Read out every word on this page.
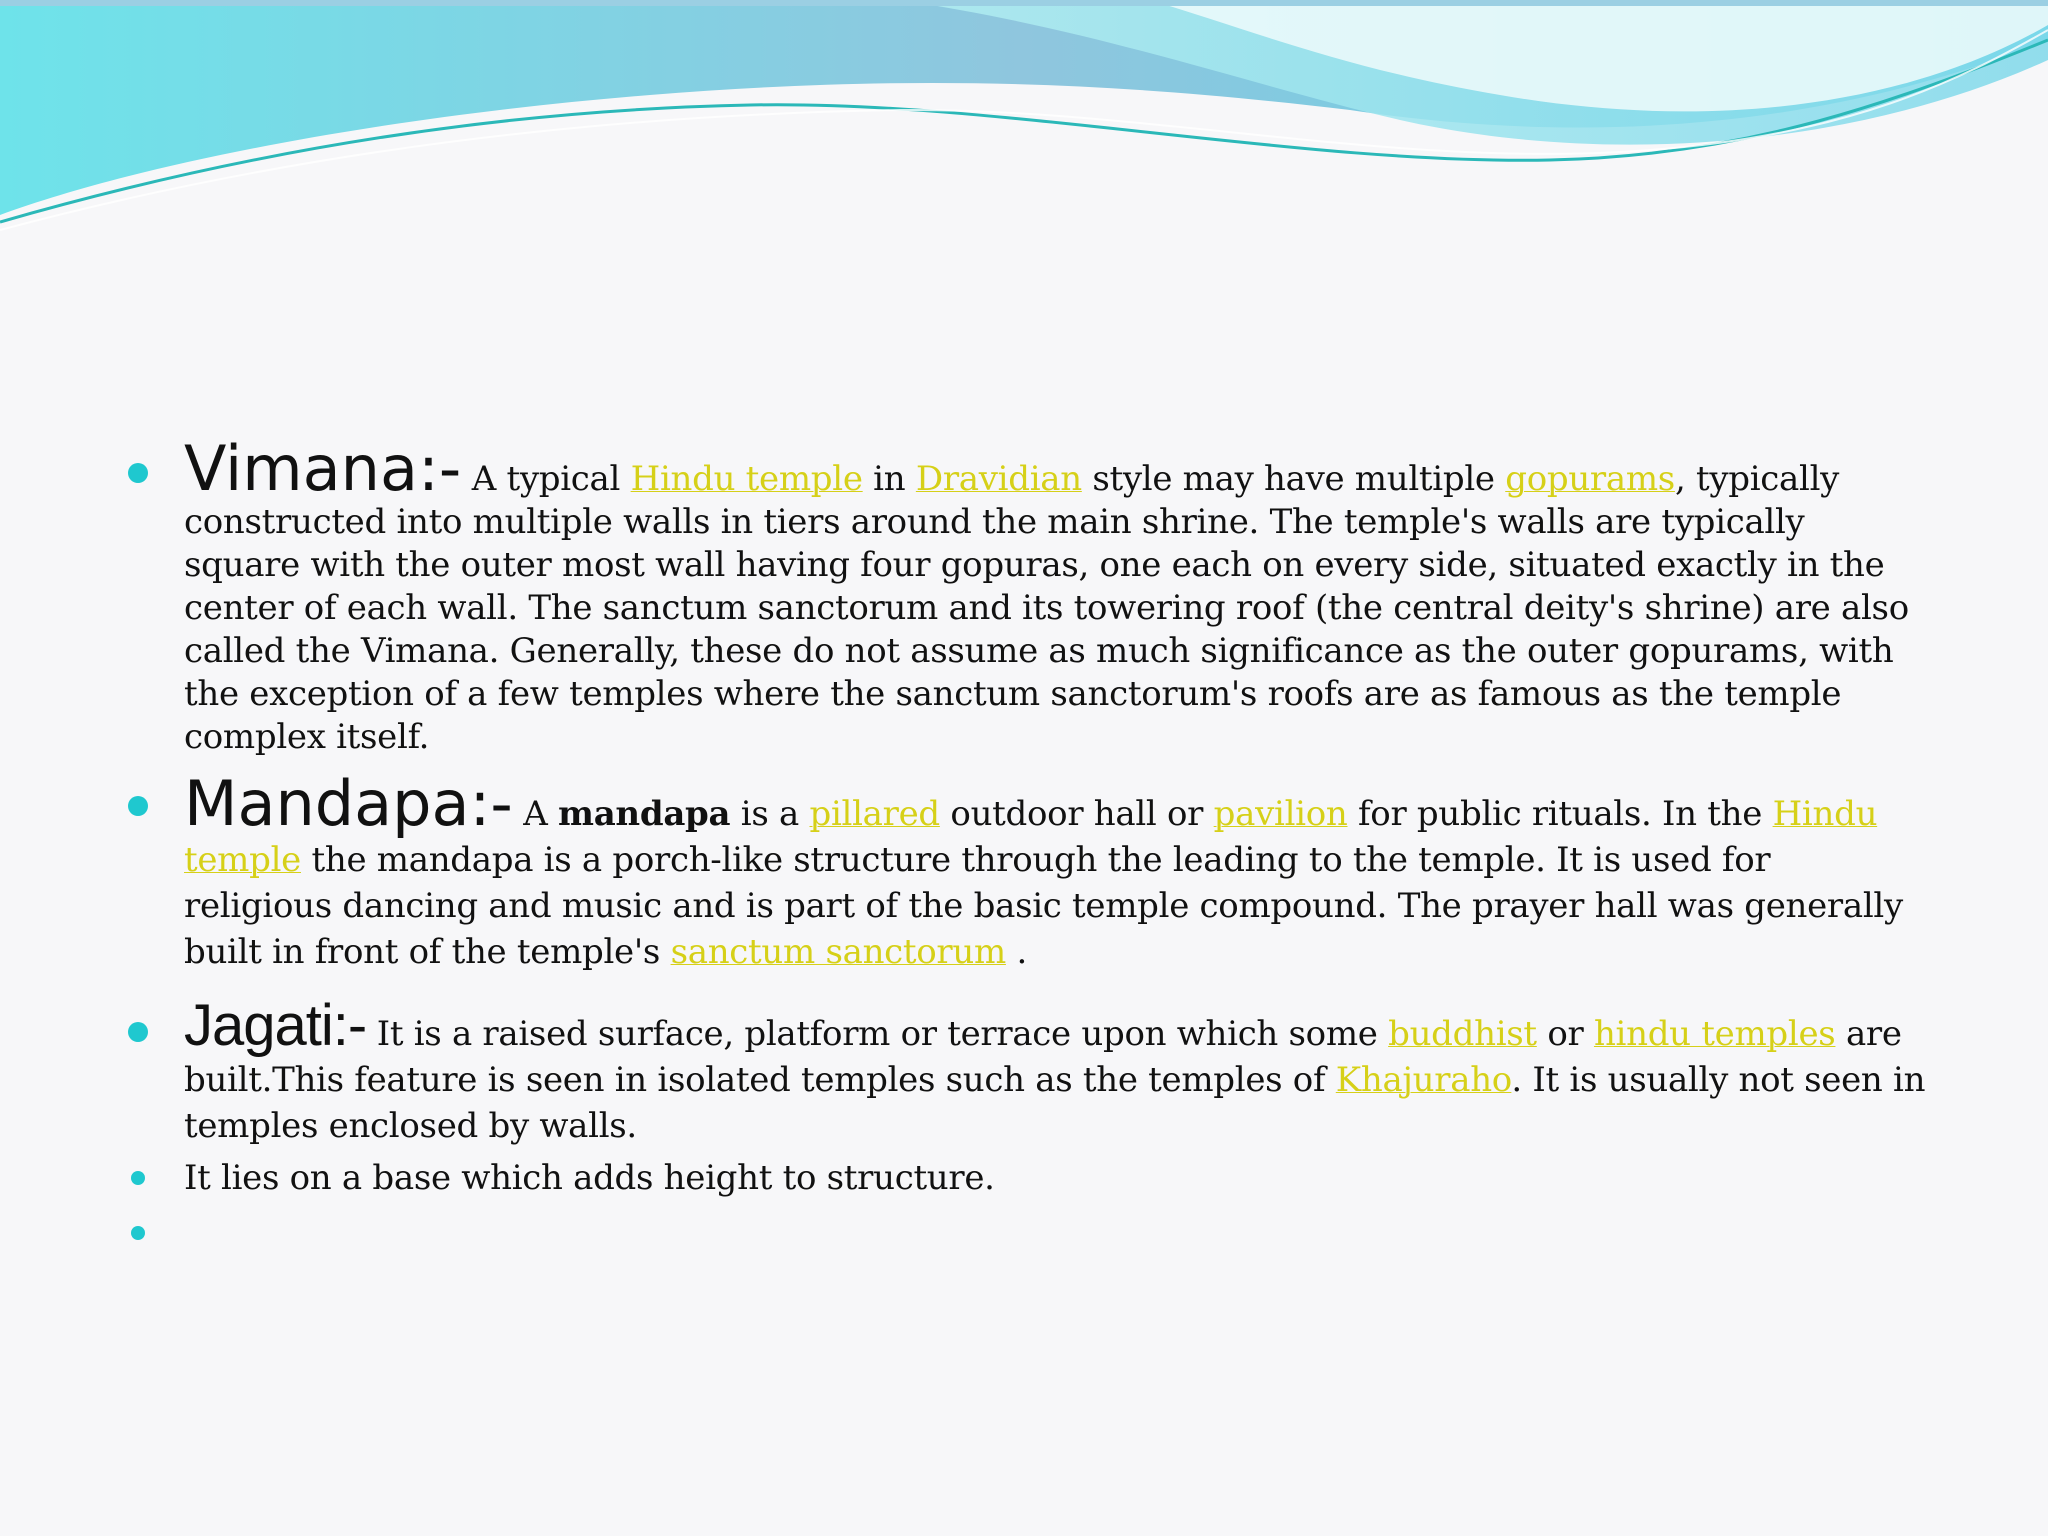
Vimana:- A typical Hindu temple in Dravidian style may have multiple gopurams, typically constructed into multiple walls in tiers around the main shrine. The temple's walls are typically square with the outer most wall having four gopuras, one each on every side, situated exactly in the center of each wall. The sanctum sanctorum and its towering roof (the central deity's shrine) are also called the Vimana. Generally, these do not assume as much significance as the outer gopurams, with the exception of a few temples where the sanctum sanctorum's roofs are as famous as the temple complex itself.

Mandapa:- A mandapa is a pillared outdoor hall or pavilion for public rituals. In the Hindu temple the mandapa is a porch-like structure through the leading to the temple. It is used for religious dancing and music and is part of the basic temple compound. The prayer hall was generally built in front of the temple's sanctum sanctorum .

Jagati:- It is a raised surface, platform or terrace upon which some buddhist or hindu temples are built.This feature is seen in isolated temples such as the temples of Khajuraho. It is usually not seen in temples enclosed by walls.

It lies on a base which adds height to structure.
